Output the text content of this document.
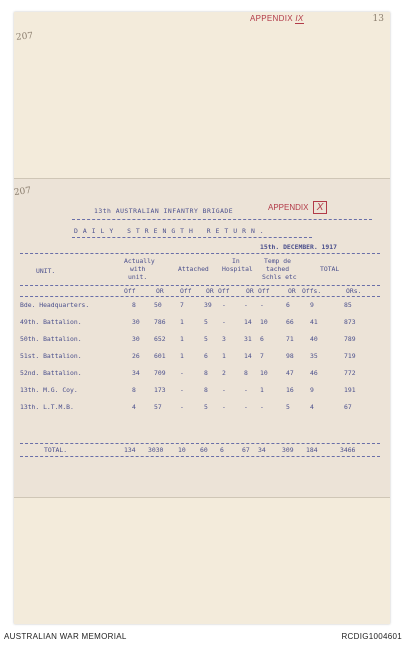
207
13
APPENDIX IX
207
13th AUSTRALIAN INFANTRY BRIGADE	APPENDIX X
DAILY STRENGTH RETURN.
15th. DECEMBER. 1917
UNIT.
Actually
with
unit.
Attached
In
Hospital
Temp de
tached
Schls etc
TOTAL
Off	OR	Off OR Off	OR Off	OR Offs.	ORs.
Bde. Headquarters.	8	50	7	39 -	- -	6	9	85
49th. Battalion.	30 786 1	5 -	14 10	66	41	873
50th. Battalion.	30 652 1	5 3	31 6	71	40	789
51st. Battalion.	26 601 1	6 1	14 7	98	35	719
52nd. Battalion.	34 709 -	8 2	8 10	47	46	772
13th. M.G. Coy.	8	173 -	8 -	- 1	16	9	191
13th. L.T.M.B.	4	57	-	5 -	- -	5	4	67
TOTAL.	134 3030 10 60 6	67 34	309 184	3466
AUSTRALIAN WAR MEMORIAL	RCDIG1004601
